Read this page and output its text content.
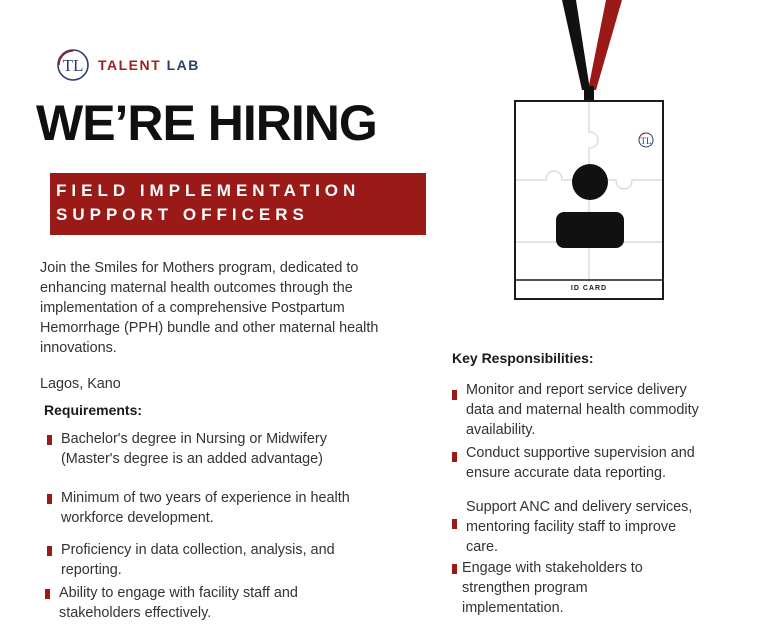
TL TALENT LAB
WE’RE HIRING
FIELD IMPLEMENTATION
SUPPORT OFFICERS
Join the Smiles for Mothers program, dedicated to
enhancing maternal health outcomes through the
implementation of a comprehensive Postpartum
Hemorrhage (PPH) bundle and other maternal health
innovations.
Lagos, Kano
Requirements:
Bachelor's degree in Nursing or Midwifery
(Master's degree is an added advantage)
Minimum of two years of experience in health
workforce development.
Proficiency in data collection, analysis, and
reporting.
Ability to engage with facility staff and
stakeholders effectively.
Key Responsibilities:
Monitor and report service delivery
data and maternal health commodity
availability.
Conduct supportive supervision and
ensure accurate data reporting.
Support ANC and delivery services,
mentoring facility staff to improve
care.
Engage with stakeholders to
strengthen program
implementation.
TL
ID CARD
